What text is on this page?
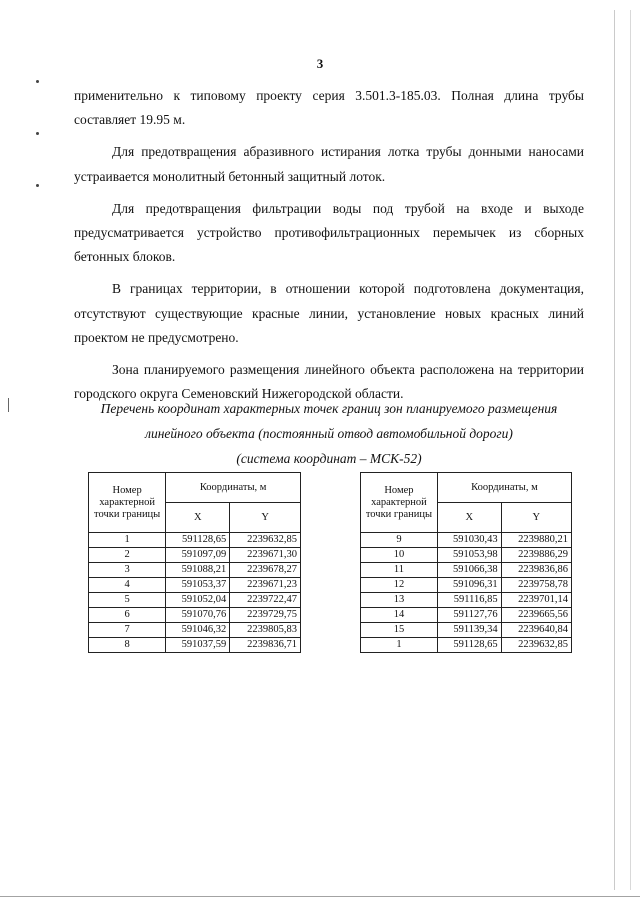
3

применительно к типовому проекту серия 3.501.3-185.03. Полная длина трубы составляет 19.95 м.

Для предотвращения абразивного истирания лотка трубы донными наносами устраивается монолитный бетонный защитный лоток.

Для предотвращения фильтрации воды под трубой на входе и выходе предусматривается устройство противофильтрационных перемычек из сборных бетонных блоков.

В границах территории, в отношении которой подготовлена документация, отсутствуют существующие красные линии, установление новых красных линий проектом не предусмотрено.

Зона планируемого размещения линейного объекта расположена на территории городского округа Семеновский Нижегородской области.

Перечень координат характерных точек границ зон планируемого размещения
линейного объекта (постоянный отвод автомобильной дороги)
(система координат – МСК-52)
Номер характерной точки границы	Координаты, м	
	X	Y
1	591128,65	2239632,85
2	591097,09	2239671,30
3	591088,21	2239678,27
4	591053,37	2239671,23
5	591052,04	2239722,47
6	591070,76	2239729,75
7	591046,32	2239805,83
8	591037,59	2239836,71
Номер характерной точки границы	Координаты, м	
	X	Y
9	591030,43	2239880,21
10	591053,98	2239886,29
11	591066,38	2239836,86
12	591096,31	2239758,78
13	591116,85	2239701,14
14	591127,76	2239665,56
15	591139,34	2239640,84
1	591128,65	2239632,85
